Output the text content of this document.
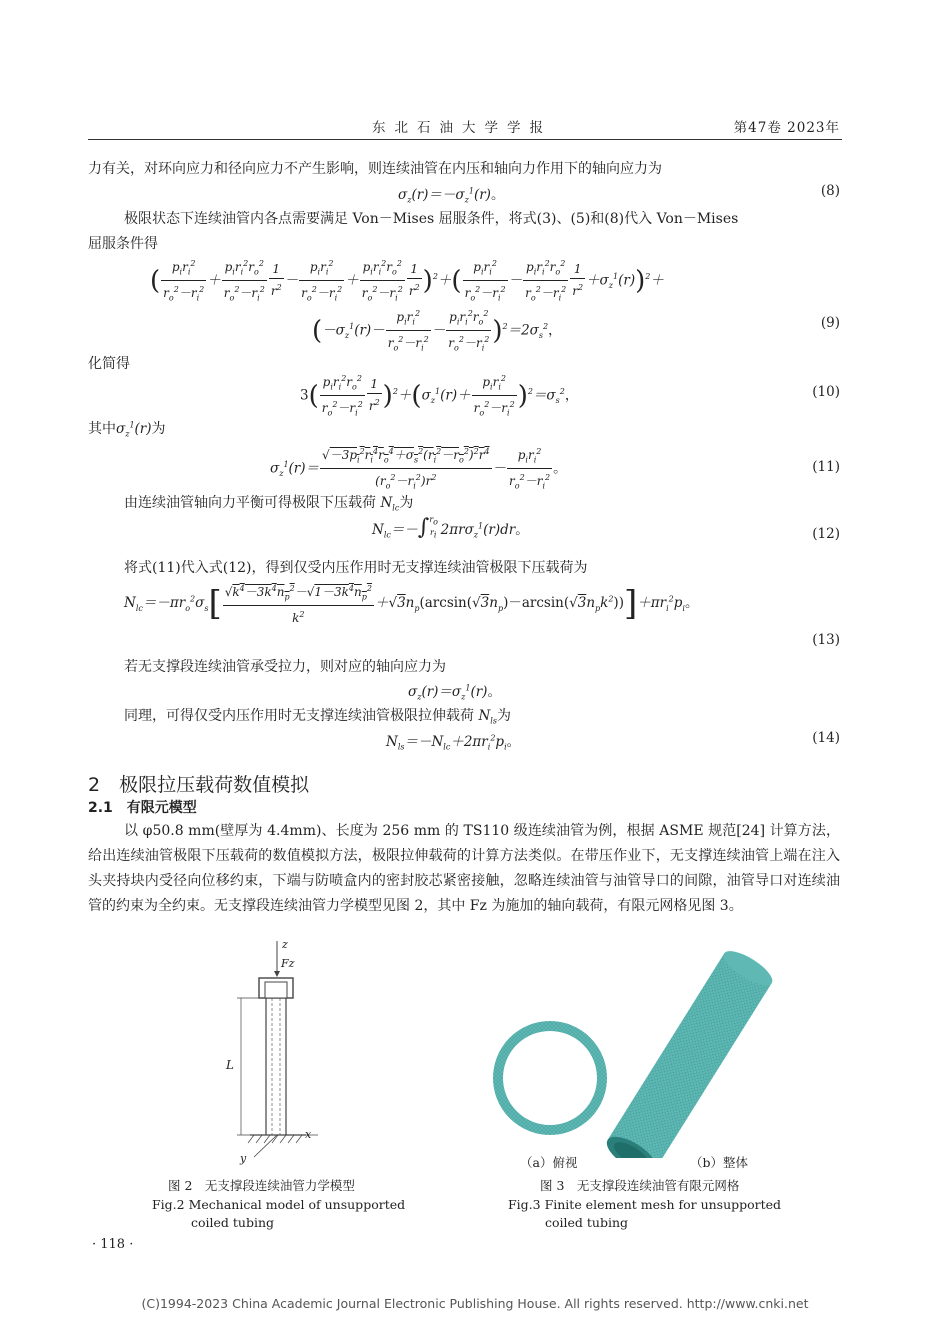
东北石油大学学报	第47卷 2023年
力有关，对环向应力和径向应力不产生影响，则连续油管在内压和轴向力作用下的轴向应力为
$\sigma_z(r)=-\sigma_z^1(r)$。	(8)
极限状态下连续油管内各点需要满足 Von－Mises 屈服条件，将式(3)、(5)和(8)代入 Von－Mises
屈服条件得
( $p_ir_i^2$
$r_o^2-r_i^2$
＋
$p_ir_i^2r_o^2$
$r_o^2-r_i^2 \frac{1}{r^2}$ －
$p_ir_i^2$
$r_o^2-r_i^2$
＋
$p_ir_i^2r_o^2$
$r_o^2-r_i^2 \frac{1}{r^2} )^2+$( $p_ir_i^2$
$r_o^2-r_i^2$
－
$p_ir_i^2r_o^2$
$r_o^2-r_i^2 \frac{1}{r^2} +\sigma_z^1(r))^2+$
($-\sigma_z^1(r)-$
$p_ir_i^2$
$r_o^2-r_i^2$
－
$p_ir_i^2r_o^2$
$r_o^2-r_i^2$ )$^2=2\sigma_s^2$，	(9)
化简得
3( $p_ir_i^2r_o^2$
$r_o^2-r_i^2 \frac{1}{r^2} )^2+(\sigma_z^1(r)+$
$p_ir_i^2$
$r_o^2-r_i^2$ )$^2=\sigma_s^2$，	(10)
其中$\sigma_z^1(r)$为
$\sigma_z^1(r)= \frac{√-3p_i^2r_i^4r_o^4+\sigma_s^2(r_i^2-r_o^2)^2r^4}{(r_o^2-r_i^2)r^2}$ －
$p_ir_i^2$
$r_o^2-r_i^2$
。	(11)
由连续油管轴向力平衡可得极限下压载荷 $N_{lc}$为
$N_{lc}=-\int^{r_o}r_i$ 2πrσ$_z^1$(r)dr。	(12)
将式(11)代入式(12)，得到仅受内压作用时无支撑连续油管极限下压载荷为
$N_{lc}=-\pi r_o^2\sigma_s[ \frac{√k^4-3k^4n_p^2-√1-3k^4n_p^2}{k^2} +√3n_p(\arcsin(√3n_p)-\arcsin(√3n_pk^2))]+\pi r_i^2p_i$。
(13)
若无支撑段连续油管承受拉力，则对应的轴向应力为
$\sigma_z(r)=\sigma_z^1(r)$。
同理，可得仅受内压作用时无支撑连续油管极限拉伸载荷 $N_{ls}$为
$N_{ls}=-N_{lc}+2\pi r_i^2p_i$。	(14)
2　极限拉压载荷数值模拟
2.1　有限元模型
以 φ50.8 mm(壁厚为 4.4mm)、长度为 256 mm 的 TS110 级连续油管为例，根据 ASME 规范[24] 计算方法，给出连续油管极限下压载荷的数值模拟方法，极限拉伸载荷的计算方法类似。在带压作业下，无支撑连续油管上端在注入头夹持块内受径向位移约束，下端与防喷盒内的密封胶芯紧密接触，忽略连续油管与油管导口的间隙，油管导口对连续油管的约束为全约束。无支撑段连续油管力学模型见图 2，其中 Fz 为施加的轴向载荷，有限元网格见图 3。
z
Fz
L
x
y
图 2　无支撑段连续油管力学模型
Fig.2 Mechanical model of unsupported
coiled tubing
（a）俯视	（b）整体
图 3　无支撑段连续油管有限元网格
Fig.3 Finite element mesh for unsupported
coiled tubing
· 118 ·
(C)1994-2023 China Academic Journal Electronic Publishing House. All rights reserved. http://www.cnki.net
